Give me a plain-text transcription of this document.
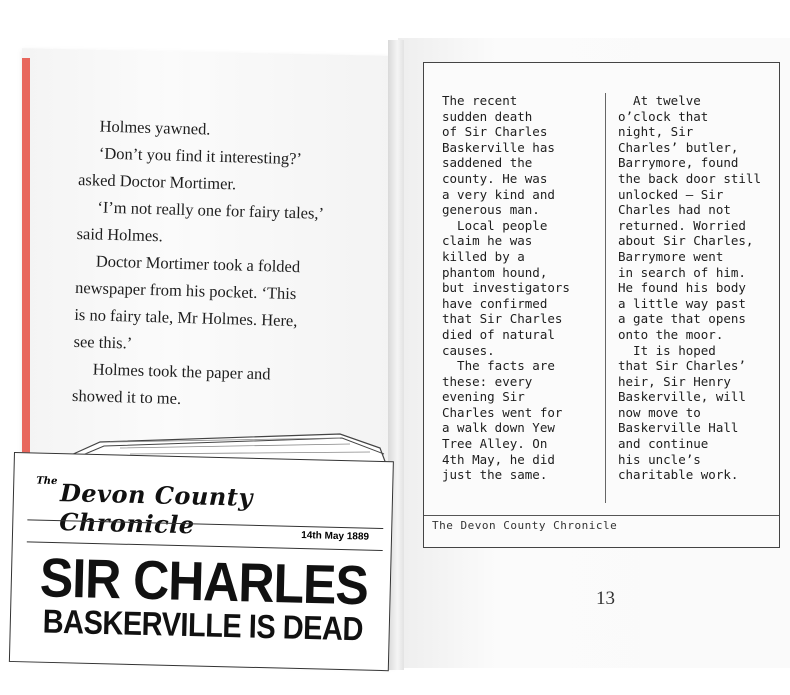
Holmes yawned.

‘Don’t you find it interesting?’

asked Doctor Mortimer.

‘I’m not really one for fairy tales,’

said Holmes.

Doctor Mortimer took a folded

newspaper from his pocket. ‘This

is no fairy tale, Mr Holmes. Here,

see this.’

Holmes took the paper and

showed it to me.

The Devon County Chronicle	14th May 1889
SIR CHARLES
BASKERVILLE IS DEAD

The recent

sudden death

of Sir Charles

Baskerville has

saddened the

county. He was

a very kind and

generous man.

Local people

claim he was

killed by a

phantom hound,

but investigators

have confirmed

that Sir Charles

died of natural

causes.

The facts are

these: every

evening Sir

Charles went for

a walk down Yew

Tree Alley. On

4th May, he did

just the same.

At twelve

o’clock that

night, Sir

Charles’ butler,

Barrymore, found

the back door still

unlocked – Sir

Charles had not

returned. Worried

about Sir Charles,

Barrymore went

in search of him.

He found his body

a little way past

a gate that opens

onto the moor.

It is hoped

that Sir Charles’

heir, Sir Henry

Baskerville, will

now move to

Baskerville Hall

and continue

his uncle’s

charitable work.

The Devon County Chronicle
13
